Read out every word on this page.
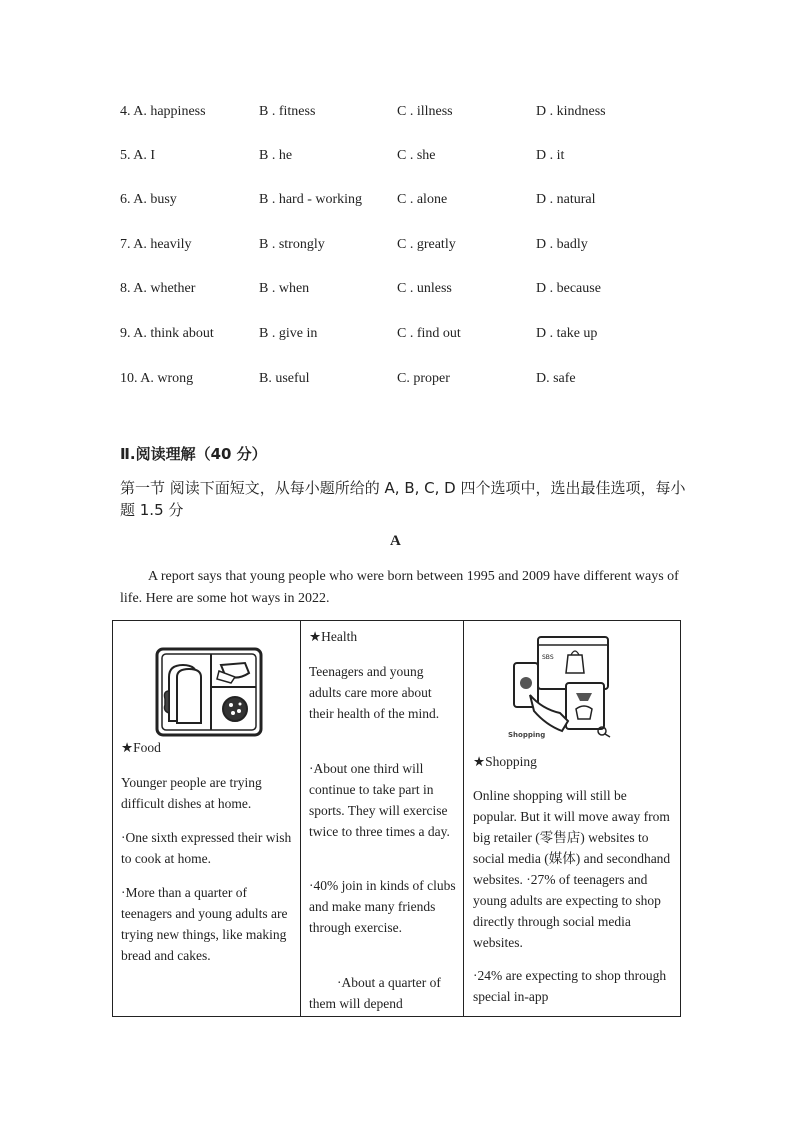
4. A. happiness	B . fitness	C . illness	D . kindness
5. A. I	B . he	C . she	D . it
6. A. busy	B . hard - working C . alone	D . natural
7. A. heavily	B . strongly	C . greatly	D . badly
8. A. whether	B . when	C . unless	D . because
9. A. think about	B . give in	C . find out	D . take up
10. A. wrong	B. useful	C. proper	D. safe
Ⅱ.阅读理解（40 分）
第一节 阅读下面短文，从每小题所给的 A, B, C, D 四个选项中，选出最佳选项，每小题 1.5 分
A
A report says that young people who were born between 1995 and 2009 have different ways of life. Here are some hot ways in 2022.
★Food
Younger people are trying difficult dishes at home.
·One sixth expressed their wish to cook at home.
·More than a quarter of teenagers and young adults are trying new things, like making bread and cakes.
★Health
Teenagers and young adults care more about their health of the mind.
·About one third will continue to take part in sports. They will exercise twice to three times a day.
·40% join in kinds of clubs and make many friends through exercise.
·About a quarter of them will depend
SBS
Shopping
★Shopping
Online shopping will still be popular. But it will move away from big retailer (零售店) websites to social media (媒体) and secondhand websites. ·27% of teenagers and young adults are expecting to shop directly through social media websites.
·24% are expecting to shop through special in-app
